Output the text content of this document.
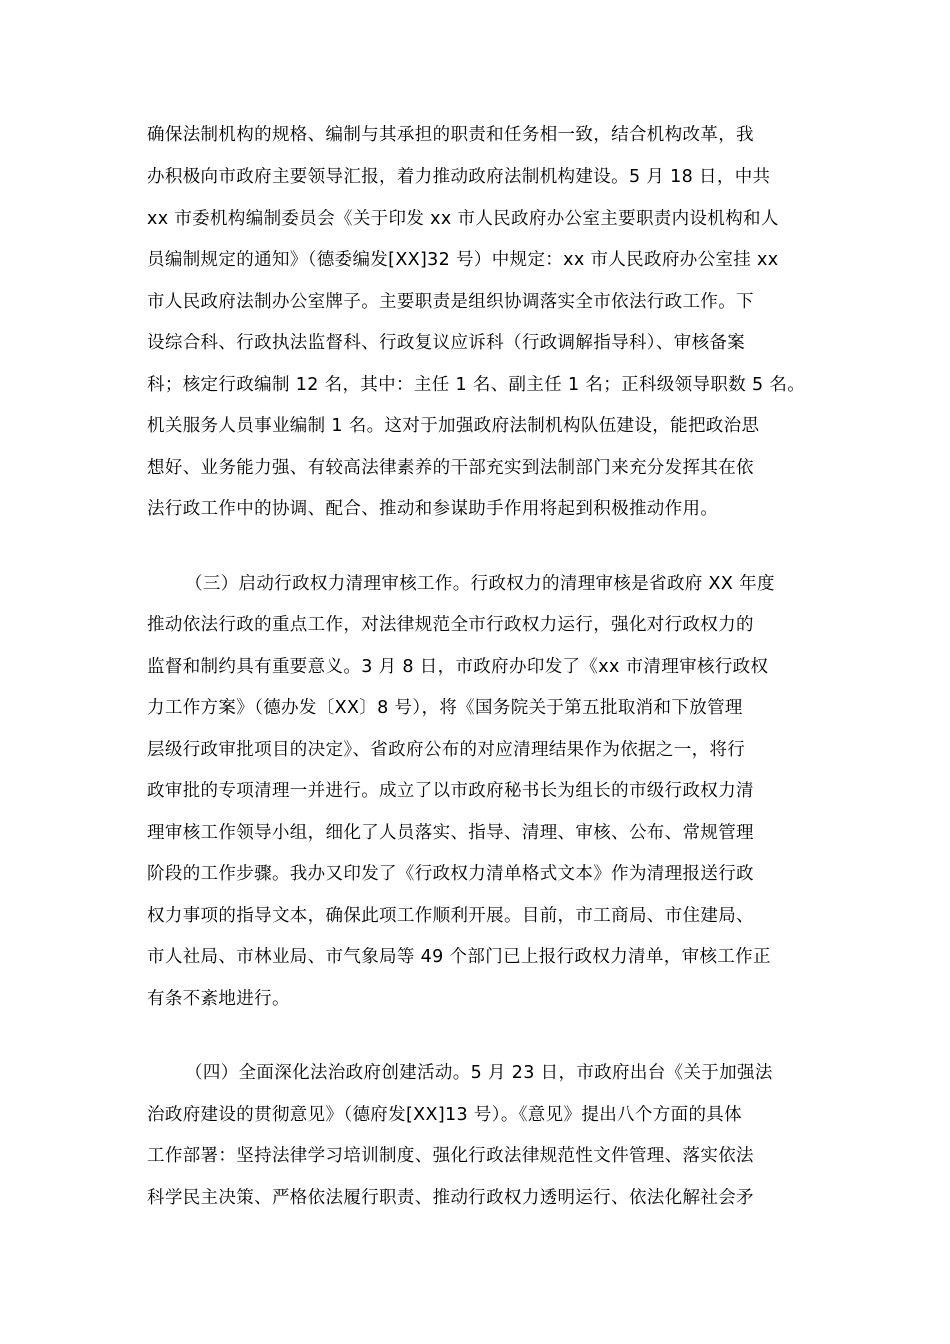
确保法制机构的规格、编制与其承担的职责和任务相一致，结合机构改革，我
办积极向市政府主要领导汇报，着力推动政府法制机构建设。5 月 18 日，中共
xx 市委机构编制委员会《关于印发 xx 市人民政府办公室主要职责内设机构和人
员编制规定的通知》（德委编发[XX]32 号）中规定：xx 市人民政府办公室挂 xx
市人民政府法制办公室牌子。主要职责是组织协调落实全市依法行政工作。下
设综合科、行政执法监督科、行政复议应诉科（行政调解指导科）、审核备案
科；核定行政编制 12 名，其中：主任 1 名、副主任 1 名；正科级领导职数 5 名。
机关服务人员事业编制 1 名。这对于加强政府法制机构队伍建设，能把政治思
想好、业务能力强、有较高法律素养的干部充实到法制部门来充分发挥其在依
法行政工作中的协调、配合、推动和参谋助手作用将起到积极推动作用。
（三）启动行政权力清理审核工作。行政权力的清理审核是省政府 XX 年度
推动依法行政的重点工作，对法律规范全市行政权力运行，强化对行政权力的
监督和制约具有重要意义。3 月 8 日，市政府办印发了《xx 市清理审核行政权
力工作方案》（德办发〔XX〕8 号），将《国务院关于第五批取消和下放管理
层级行政审批项目的决定》、省政府公布的对应清理结果作为依据之一，将行
政审批的专项清理一并进行。成立了以市政府秘书长为组长的市级行政权力清
理审核工作领导小组，细化了人员落实、指导、清理、审核、公布、常规管理
阶段的工作步骤。我办又印发了《行政权力清单格式文本》作为清理报送行政
权力事项的指导文本，确保此项工作顺利开展。目前，市工商局、市住建局、
市人社局、市林业局、市气象局等 49 个部门已上报行政权力清单，审核工作正
有条不紊地进行。
（四）全面深化法治政府创建活动。5 月 23 日，市政府出台《关于加强法
治政府建设的贯彻意见》（德府发[XX]13 号）。《意见》提出八个方面的具体
工作部署：坚持法律学习培训制度、强化行政法律规范性文件管理、落实依法
科学民主决策、严格依法履行职责、推动行政权力透明运行、依法化解社会矛
